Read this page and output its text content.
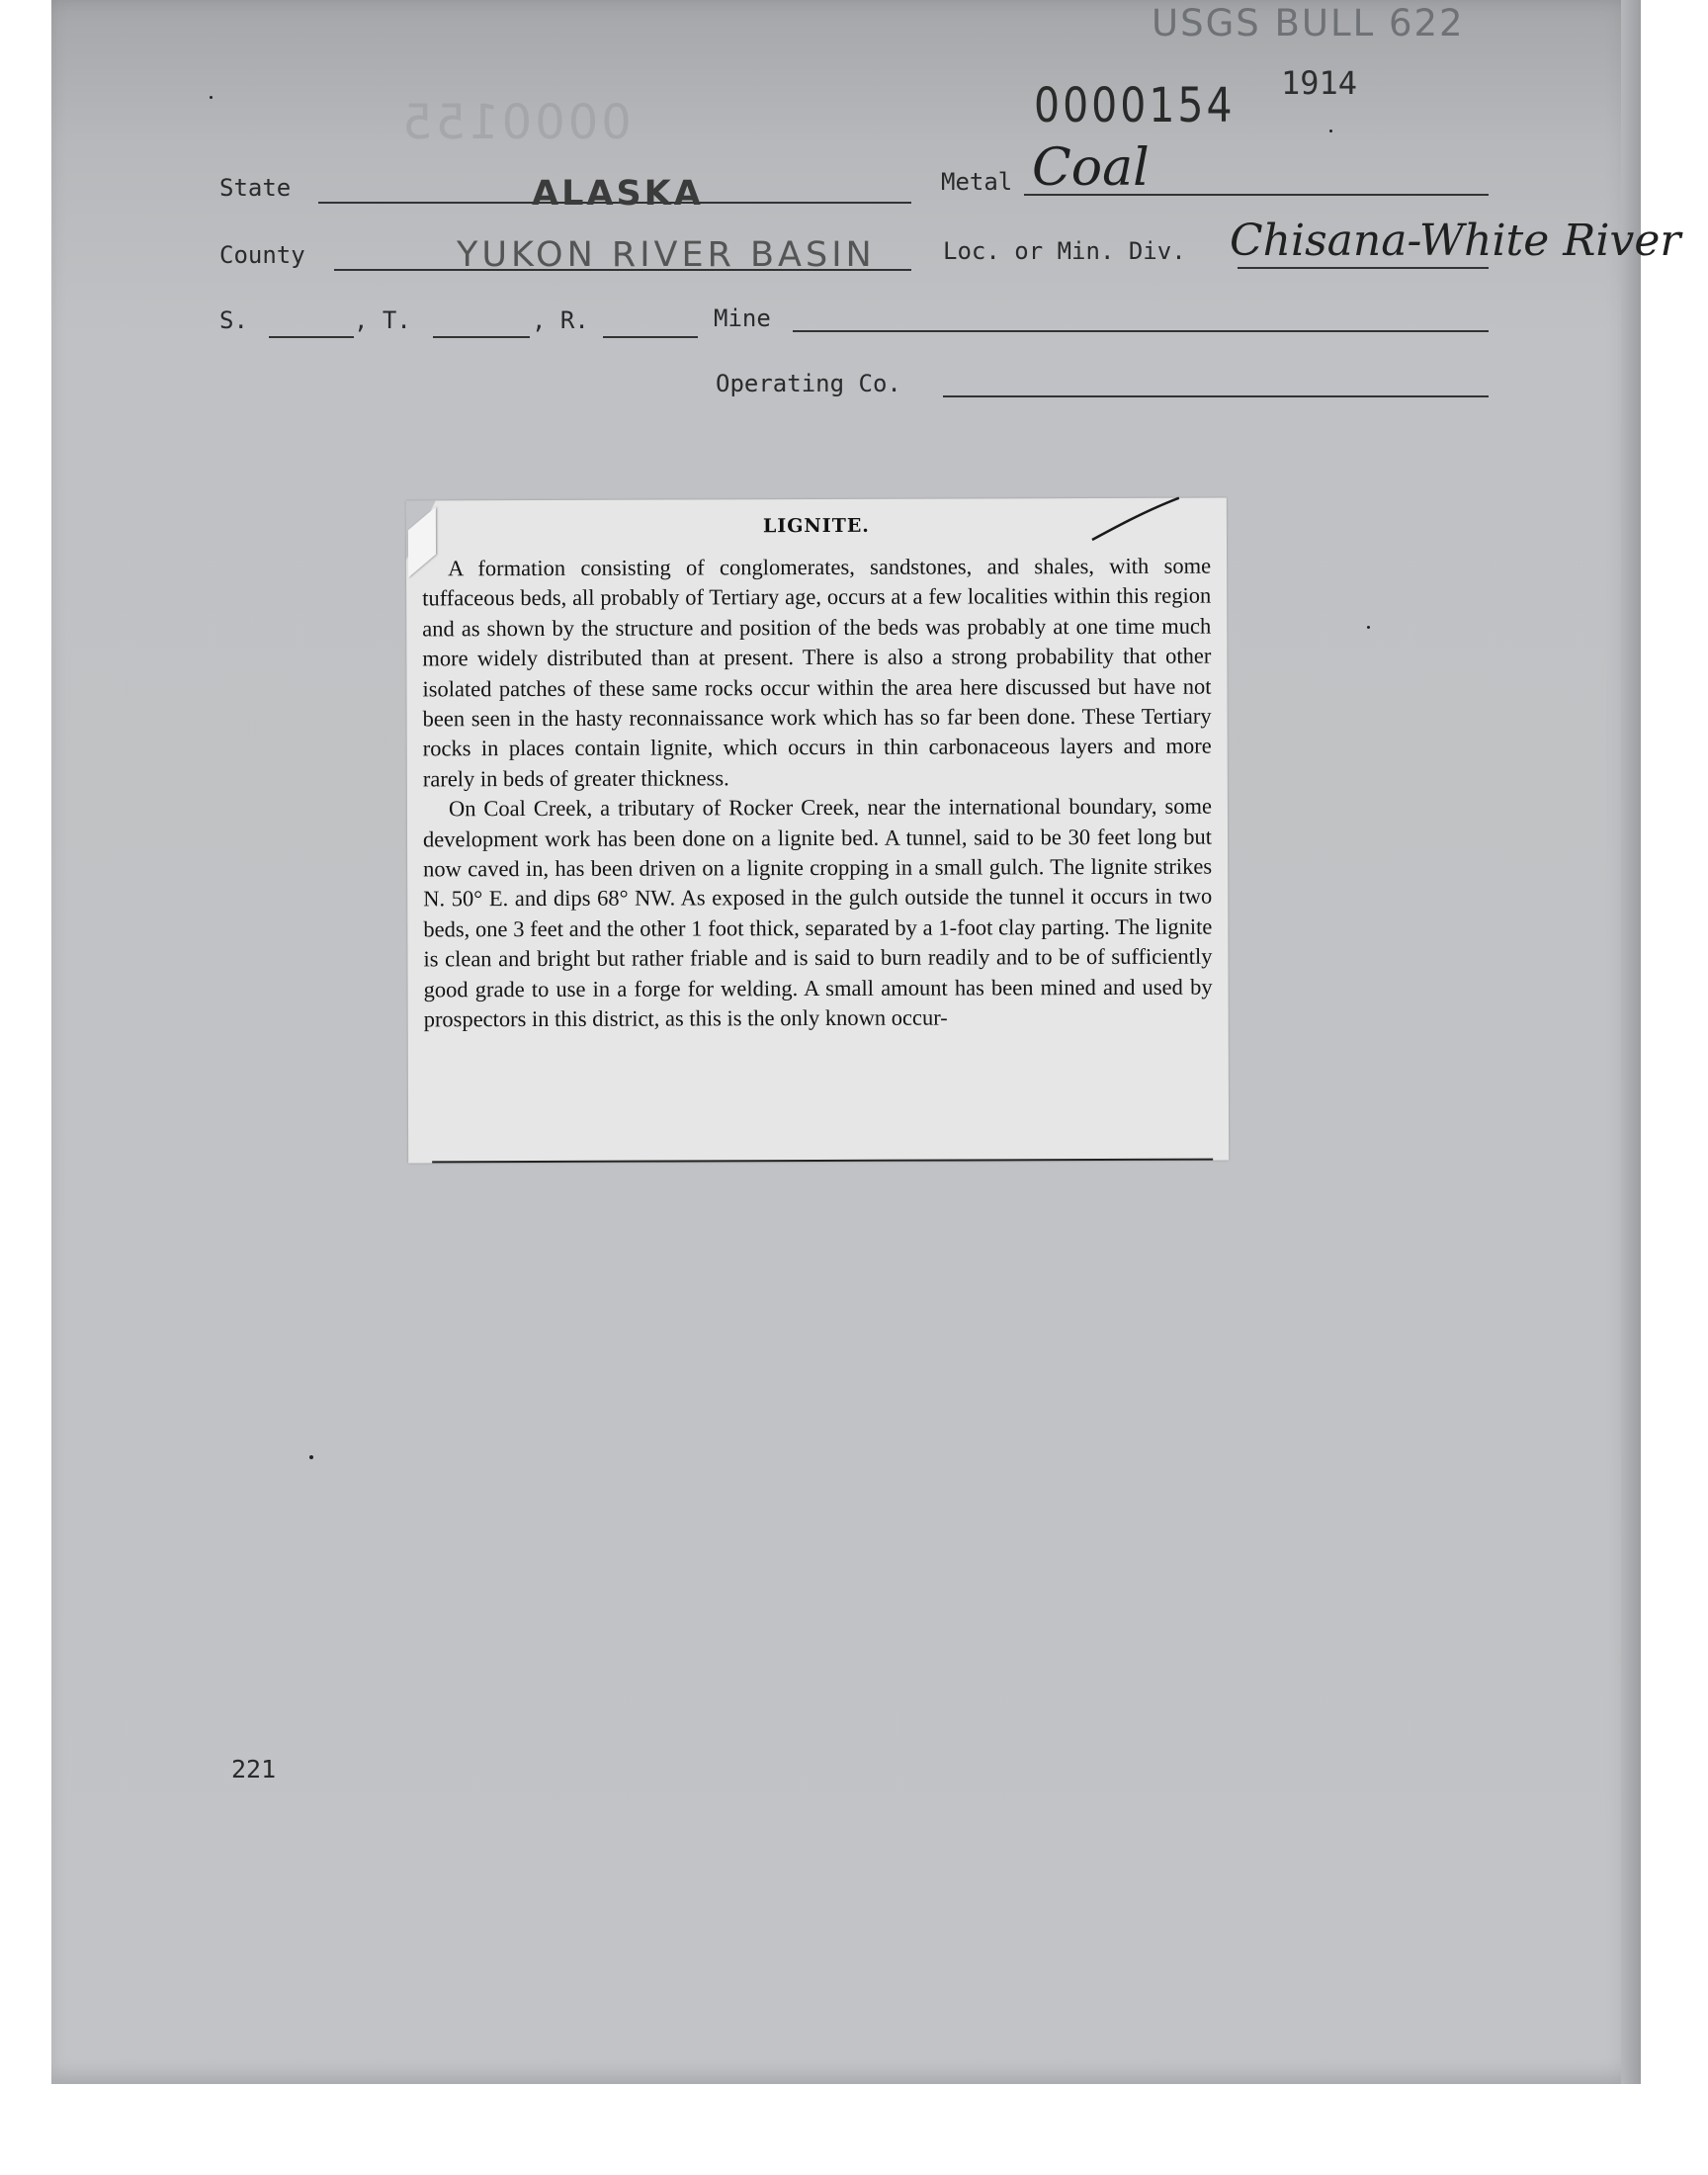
USGS BULL 622
0000155	0000154 1914
State	ALASKA	Metal Coal
County	YUKON RIVER BASIN	Loc. or Min. Div. Chisana-White River
S.	, T.	, R.	Mine
Operating Co.
LIGNITE.

A formation consisting of conglomerates, sandstones, and shales, with some tuffaceous beds, all probably of Tertiary age, occurs at a few localities within this region and as shown by the structure and position of the beds was probably at one time much more widely distributed than at present. There is also a strong probability that other isolated patches of these same rocks occur within the area here discussed but have not been seen in the hasty reconnaissance work which has so far been done. These Tertiary rocks in places contain lignite, which occurs in thin carbonaceous layers and more rarely in beds of greater thickness.

On Coal Creek, a tributary of Rocker Creek, near the international boundary, some development work has been done on a lignite bed. A tunnel, said to be 30 feet long but now caved in, has been driven on a lignite cropping in a small gulch. The lignite strikes N. 50° E. and dips 68° NW. As exposed in the gulch outside the tunnel it occurs in two beds, one 3 feet and the other 1 foot thick, separated by a 1-foot clay parting. The lignite is clean and bright but rather friable and is said to burn readily and to be of sufficiently good grade to use in a forge for welding. A small amount has been mined and used by prospectors in this district, as this is the only known occur-

221
